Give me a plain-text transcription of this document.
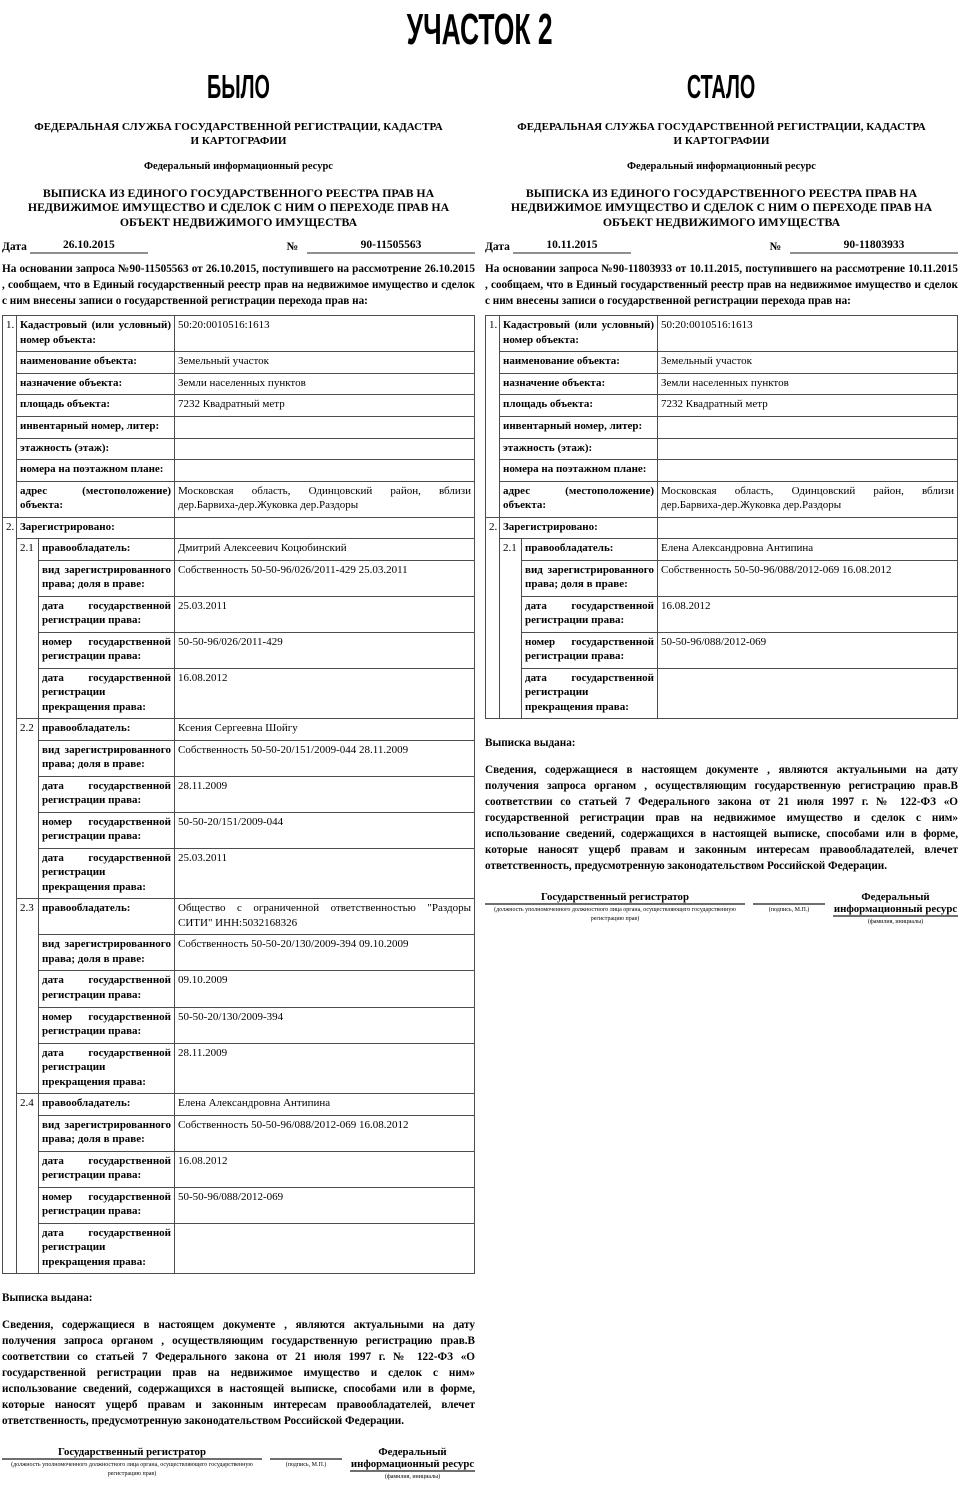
УЧАСТОК 2
БЫЛО
ФЕДЕРАЛЬНАЯ СЛУЖБА ГОСУДАРСТВЕННОЙ РЕГИСТРАЦИИ, КАДАСТРА И КАРТОГРАФИИ
Федеральный информационный ресурс
ВЫПИСКА ИЗ ЕДИНОГО ГОСУДАРСТВЕННОГО РЕЕСТРА ПРАВ НА НЕДВИЖИМОЕ ИМУЩЕСТВО И СДЕЛОК С НИМ О ПЕРЕХОДЕ ПРАВ НА ОБЪЕКТ НЕДВИЖИМОГО ИМУЩЕСТВА
Дата	26.10.2015	№	90-11505563
На основании запроса №90-11505563 от 26.10.2015, поступившего на рассмотрение 26.10.2015 , сообщаем, что в Единый государственный реестр прав на недвижимое имущество и сделок с ним внесены записи о государственной регистрации перехода прав на:
1.	Кадастровый (или условный) номер объекта:		50:20:0010516:1613
	наименование объекта:		Земельный участок
	назначение объекта:		Земли населенных пунктов
	площадь объекта:		7232 Квадратный метр
	инвентарный номер, литер:		
	этажность (этаж):		
	номера на поэтажном плане:		
	адрес (местоположение) объекта:		Московская область, Одинцовский район, вблизи дер.Барвиха-дер.Жуковка дер.Раздоры
2.	Зарегистрировано:		
	2.1	правообладатель:	Дмитрий Алексеевич Коцюбинский
		вид зарегистрированного права; доля в праве:	Собственность 50-50-96/026/2011-429 25.03.2011
		дата государственной регистрации права:	25.03.2011
		номер государственной регистрации права:	50-50-96/026/2011-429
		дата государственной регистрации прекращения права:	16.08.2012
	2.2	правообладатель:	Ксения Сергеевна Шойгу
		вид зарегистрированного права; доля в праве:	Собственность 50-50-20/151/2009-044 28.11.2009
		дата государственной регистрации права:	28.11.2009
		номер государственной регистрации права:	50-50-20/151/2009-044
		дата государственной регистрации прекращения права:	25.03.2011
	2.3	правообладатель:	Общество с ограниченной ответственностью "Раздоры СИТИ" ИНН:5032168326
		вид зарегистрированного права; доля в праве:	Собственность 50-50-20/130/2009-394 09.10.2009
		дата государственной регистрации права:	09.10.2009
		номер государственной регистрации права:	50-50-20/130/2009-394
		дата государственной регистрации прекращения права:	28.11.2009
	2.4	правообладатель:	Елена Александровна Антипина
		вид зарегистрированного права; доля в праве:	Собственность 50-50-96/088/2012-069 16.08.2012
		дата государственной регистрации права:	16.08.2012
		номер государственной регистрации права:	50-50-96/088/2012-069
		дата государственной регистрации прекращения права:	
Выписка выдана:
Сведения, содержащиеся в настоящем документе , являются актуальными на дату получения запроса органом , осуществляющим государственную регистрацию прав.В соответствии со статьей 7 Федерального закона от 21 июля 1997 г. № 122-ФЗ «О государственной регистрации прав на недвижимое имущество и сделок с ним» использование сведений, содержащихся в настоящей выписке, способами или в форме, которые наносят ущерб правам и законным интересам правообладателей, влечет ответственность, предусмотренную законодательством Российской Федерации.
Государственный регистратор
(должность уполномоченного должностного лица органа, осуществляющего государственную регистрацию прав)

(подпись, М.П.)
Федеральный информационный ресурс
(фамилия, инициалы)
СТАЛО
ФЕДЕРАЛЬНАЯ СЛУЖБА ГОСУДАРСТВЕННОЙ РЕГИСТРАЦИИ, КАДАСТРА И КАРТОГРАФИИ
Федеральный информационный ресурс
ВЫПИСКА ИЗ ЕДИНОГО ГОСУДАРСТВЕННОГО РЕЕСТРА ПРАВ НА НЕДВИЖИМОЕ ИМУЩЕСТВО И СДЕЛОК С НИМ О ПЕРЕХОДЕ ПРАВ НА ОБЪЕКТ НЕДВИЖИМОГО ИМУЩЕСТВА
Дата	10.11.2015	№	90-11803933
На основании запроса №90-11803933 от 10.11.2015, поступившего на рассмотрение 10.11.2015 , сообщаем, что в Единый государственный реестр прав на недвижимое имущество и сделок с ним внесены записи о государственной регистрации перехода прав на:
1.	Кадастровый (или условный) номер объекта:		50:20:0010516:1613
	наименование объекта:		Земельный участок
	назначение объекта:		Земли населенных пунктов
	площадь объекта:		7232 Квадратный метр
	инвентарный номер, литер:		
	этажность (этаж):		
	номера на поэтажном плане:		
	адрес (местоположение) объекта:		Московская область, Одинцовский район, вблизи дер.Барвиха-дер.Жуковка дер.Раздоры
2.	Зарегистрировано:		
	2.1	правообладатель:	Елена Александровна Антипина
		вид зарегистрированного права; доля в праве:	Собственность 50-50-96/088/2012-069 16.08.2012
		дата государственной регистрации права:	16.08.2012
		номер государственной регистрации права:	50-50-96/088/2012-069
		дата государственной регистрации прекращения права:	
Выписка выдана:
Сведения, содержащиеся в настоящем документе , являются актуальными на дату получения запроса органом , осуществляющим государственную регистрацию прав.В соответствии со статьей 7 Федерального закона от 21 июля 1997 г. № 122-ФЗ «О государственной регистрации прав на недвижимое имущество и сделок с ним» использование сведений, содержащихся в настоящей выписке, способами или в форме, которые наносят ущерб правам и законным интересам правообладателей, влечет ответственность, предусмотренную законодательством Российской Федерации.
Государственный регистратор
(должность уполномоченного должностного лица органа, осуществляющего государственную регистрацию прав)

(подпись, М.П.)
Федеральный информационный ресурс
(фамилия, инициалы)
